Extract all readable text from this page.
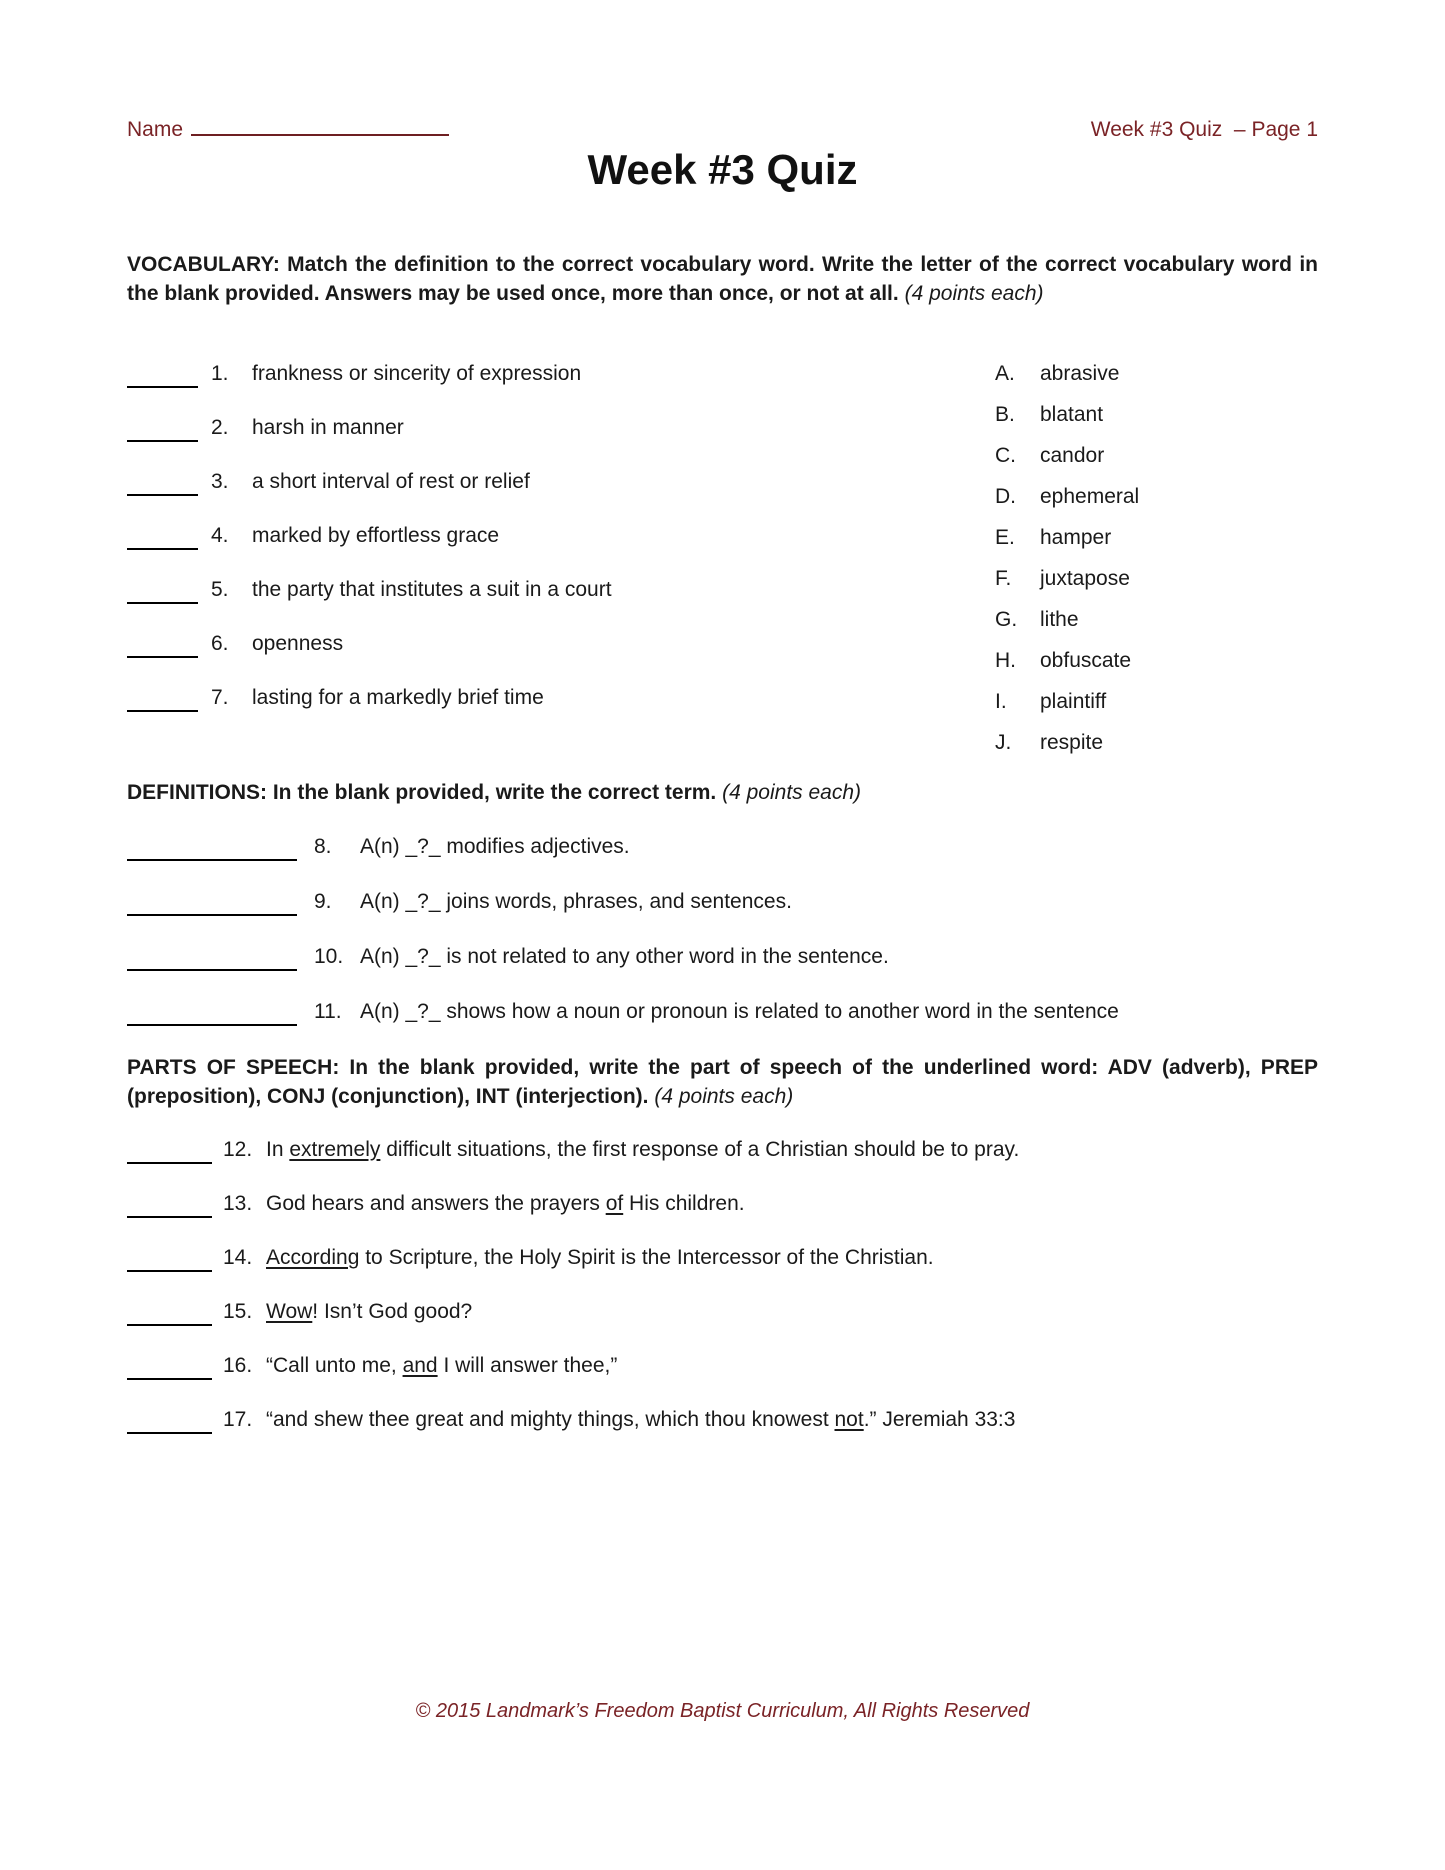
Name	Week #3 Quiz  – Page 1
Week #3 Quiz

VOCABULARY: Match the definition to the correct vocabulary word. Write the letter of the correct vocabulary word in the blank provided. Answers may be used once, more than once, or not at all. (4 points each)

1.	frankness or sincerity of expression
2.	harsh in manner
3.	a short interval of rest or relief
4.	marked by effortless grace
5.	the party that institutes a suit in a court
6.	openness
7.	lasting for a markedly brief time
A.	abrasive
B.	blatant
C.	candor
D.	ephemeral
E.	hamper
F.	juxtapose
G.	lithe
H.	obfuscate
I.	plaintiff
J.	respite

DEFINITIONS: In the blank provided, write the correct term. (4 points each)

8.	A(n) _?_ modifies adjectives.
9.	A(n) _?_ joins words, phrases, and sentences.
10. A(n) _?_ is not related to any other word in the sentence.
11. A(n) _?_ shows how a noun or pronoun is related to another word in the sentence

PARTS OF SPEECH: In the blank provided, write the part of speech of the underlined word: ADV (adverb), PREP (preposition), CONJ (conjunction), INT (interjection). (4 points each)

12. In extremely difficult situations, the first response of a Christian should be to pray.
13. God hears and answers the prayers of His children.
14. According to Scripture, the Holy Spirit is the Intercessor of the Christian.
15. Wow! Isn’t God good?
16. “Call unto me, and I will answer thee,”
17. “and shew thee great and mighty things, which thou knowest not.” Jeremiah 33:3
© 2015 Landmark’s Freedom Baptist Curriculum, All Rights Reserved
